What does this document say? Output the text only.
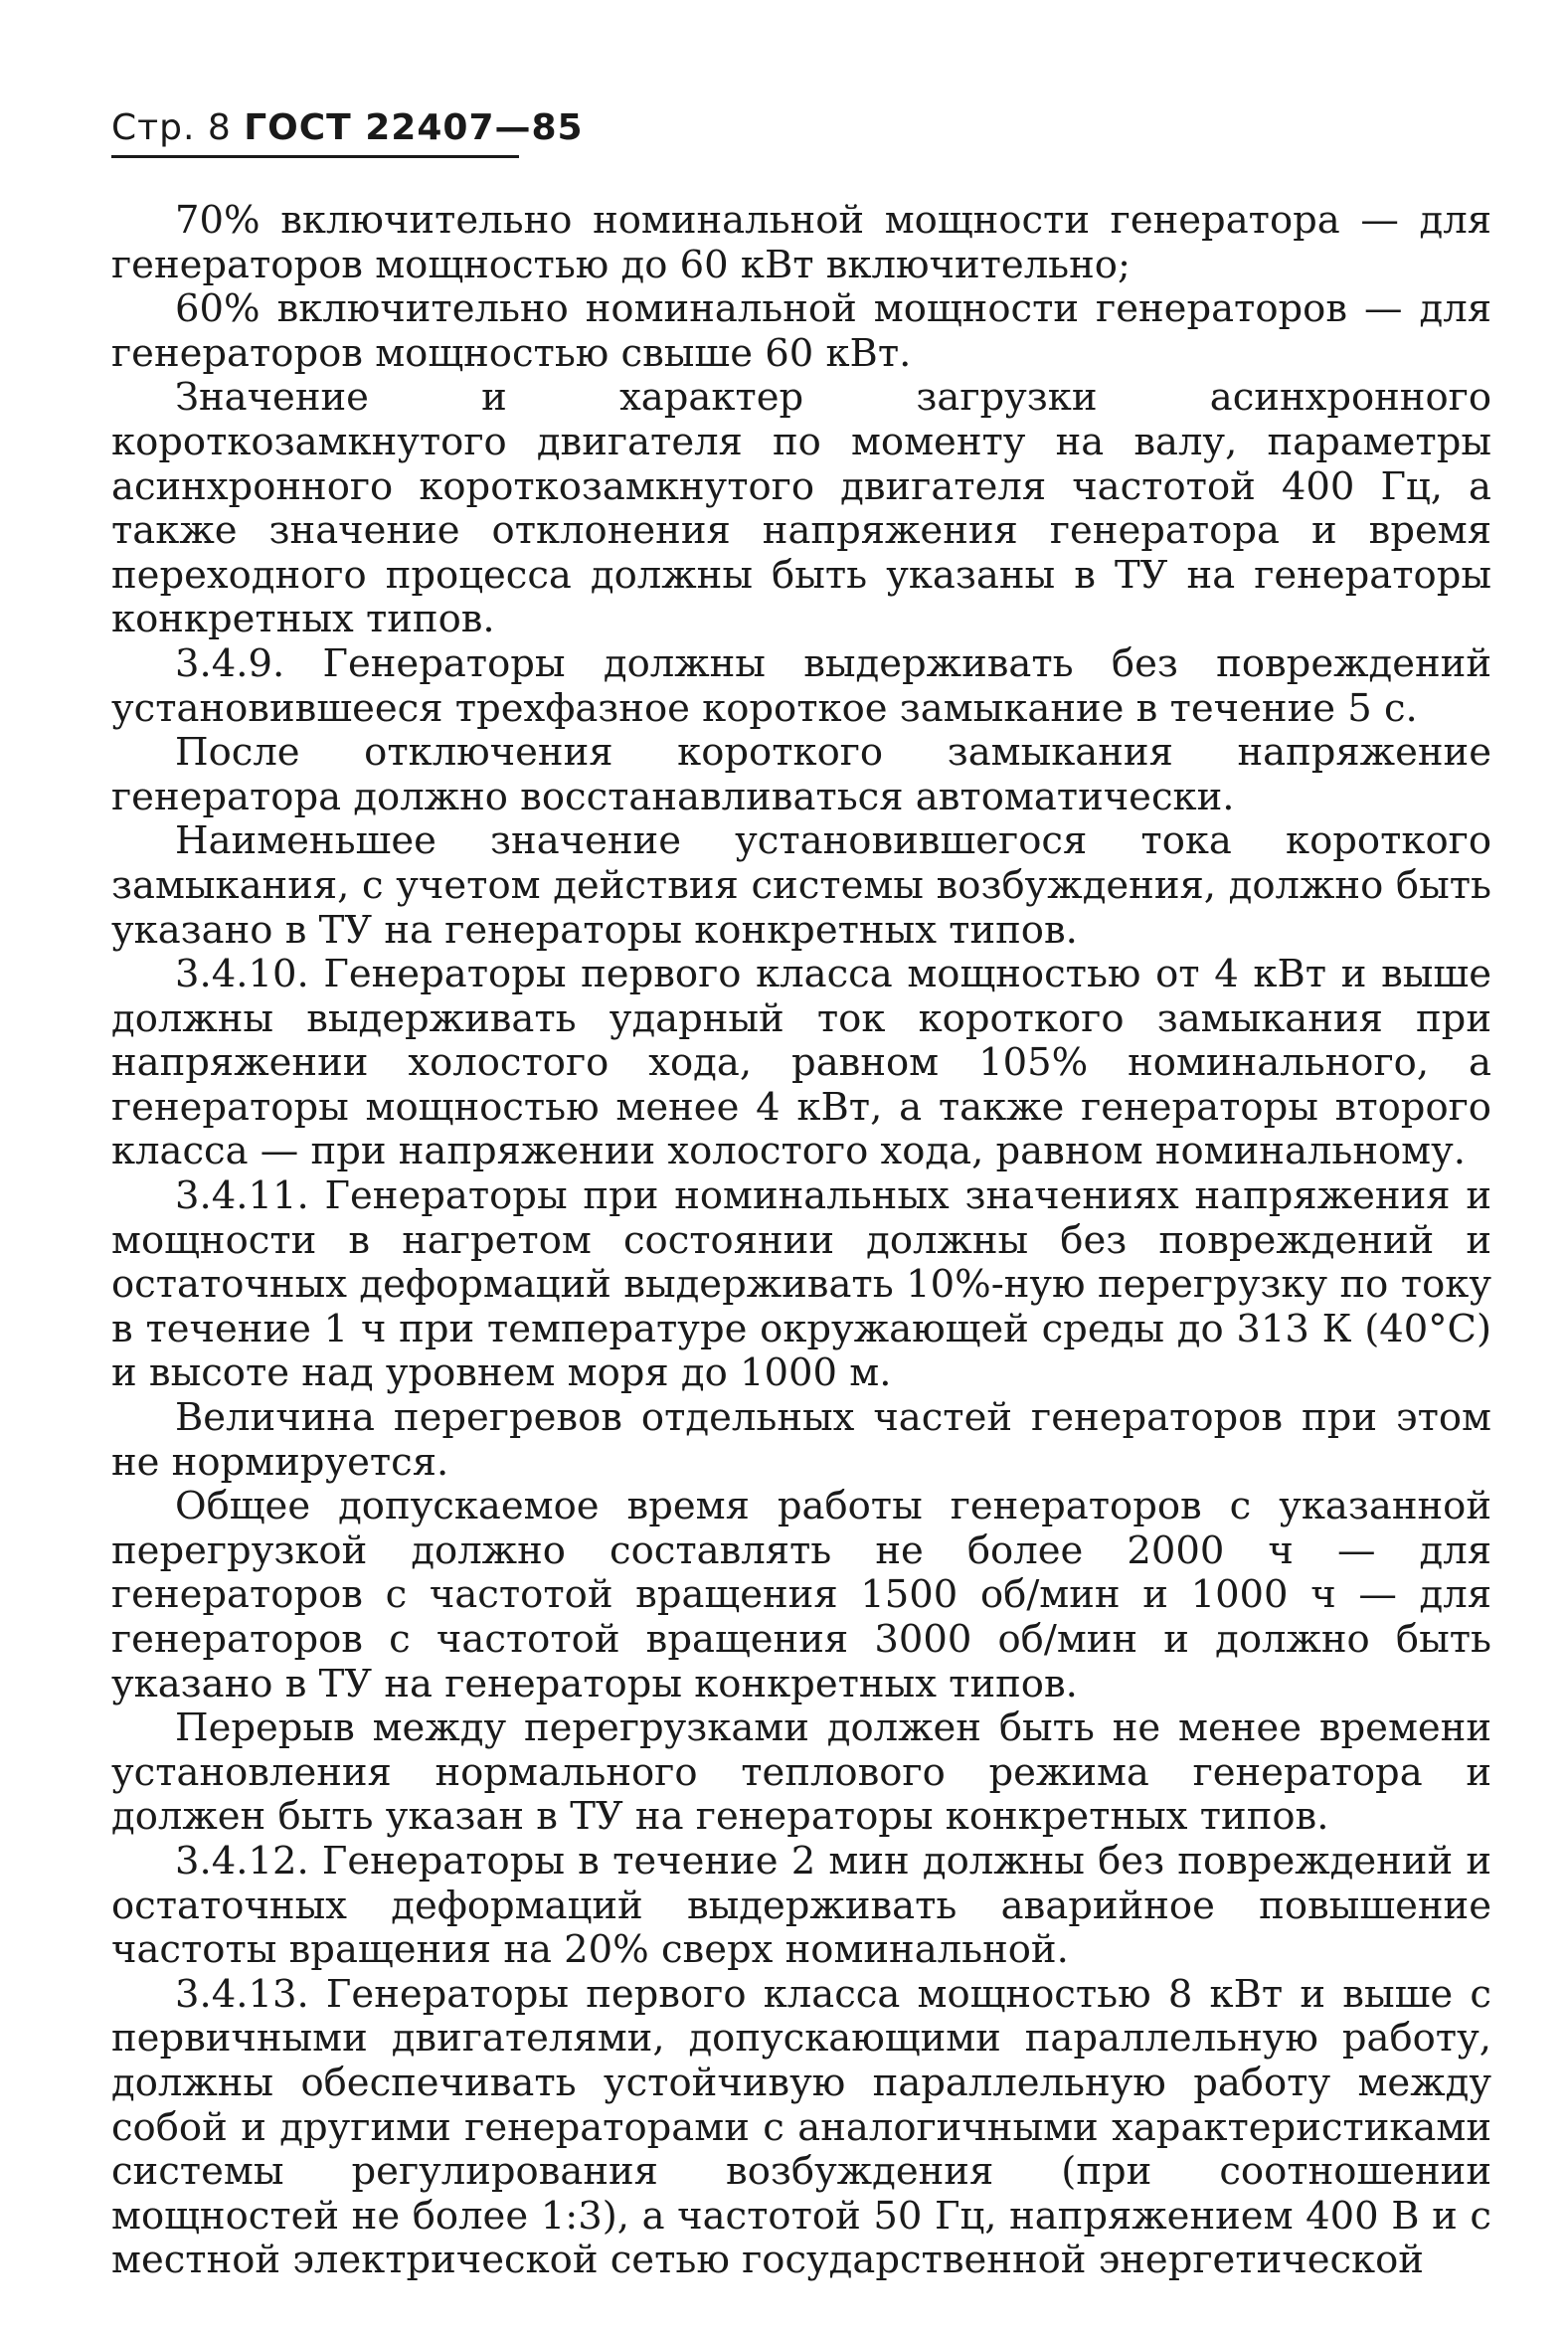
Стр. 8 ГОСТ 22407—85

70% включительно номинальной мощности генератора — для генераторов мощностью до 60 кВт включительно;

60% включительно номинальной мощности генераторов — для генераторов мощностью свыше 60 кВт.

Значение и характер загрузки асинхронного короткозамкнутого двигателя по моменту на валу, параметры асинхронного короткозамкнутого двигателя частотой 400 Гц, а также значение отклонения напряжения генератора и время переходного процесса должны быть указаны в ТУ на генераторы конкретных типов.

3.4.9. Генераторы должны выдерживать без повреждений установившееся трехфазное короткое замыкание в течение 5 с.

После отключения короткого замыкания напряжение генератора должно восстанавливаться автоматически.

Наименьшее значение установившегося тока короткого замыкания, с учетом действия системы возбуждения, должно быть указано в ТУ на генераторы конкретных типов.

3.4.10. Генераторы первого класса мощностью от 4 кВт и выше должны выдерживать ударный ток короткого замыкания при напряжении холостого хода, равном 105% номинального, а генераторы мощностью менее 4 кВт, а также генераторы второго класса — при напряжении холостого хода, равном номинальному.

3.4.11. Генераторы при номинальных значениях напряжения и мощности в нагретом состоянии должны без повреждений и остаточных деформаций выдерживать 10%-ную перегрузку по току в течение 1 ч при температуре окружающей среды до 313 К (40°С) и высоте над уровнем моря до 1000 м.

Величина перегревов отдельных частей генераторов при этом не нормируется.

Общее допускаемое время работы генераторов с указанной перегрузкой должно составлять не более 2000 ч — для генераторов с частотой вращения 1500 об/мин и 1000 ч — для генераторов с частотой вращения 3000 об/мин и должно быть указано в ТУ на генераторы конкретных типов.

Перерыв между перегрузками должен быть не менее времени установления нормального теплового режима генератора и должен быть указан в ТУ на генераторы конкретных типов.

3.4.12. Генераторы в течение 2 мин должны без повреждений и остаточных деформаций выдерживать аварийное повышение частоты вращения на 20% сверх номинальной.

3.4.13. Генераторы первого класса мощностью 8 кВт и выше с первичными двигателями, допускающими параллельную работу, должны обеспечивать устойчивую параллельную работу между собой и другими генераторами с аналогичными характеристиками системы регулирования возбуждения (при соотношении мощностей не более 1:3), а частотой 50 Гц, напряжением 400 В и с местной электрической сетью государственной энергетической
